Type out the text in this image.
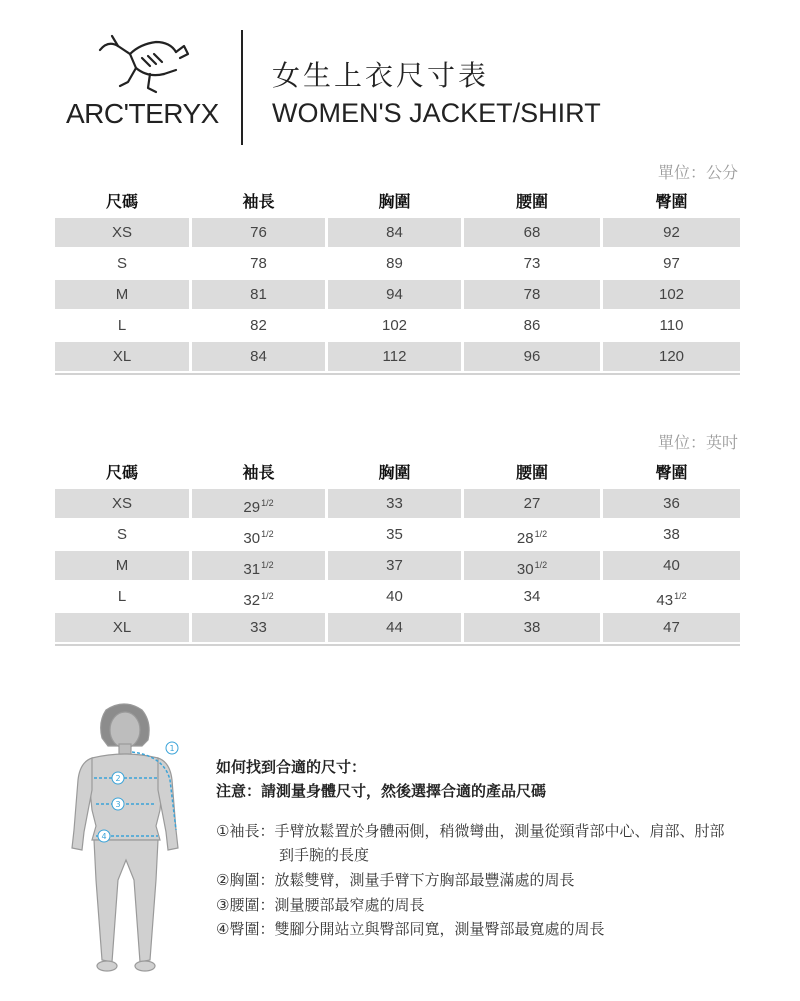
ARC'TERYX
女生上衣尺寸表
WOMEN'S JACKET/SHIRT
單位：公分
單位：英吋
尺碼	袖長	胸圍	腰圍	臀圍
XS	76	84	68	92
S	78	89	73	97
M	81	94	78	102
L	82	102	86	110
XL	84	112	96	120
尺碼	袖長	胸圍	腰圍	臀圍
XS	$29^{1/2}$	33	27	36
S	$30^{1/2}$	35	$28^{1/2}$	38
M	$31^{1/2}$	37	$30^{1/2}$	40
L	$32^{1/2}$	40	34	$43^{1/2}$
XL	33	44	38	47
1
2
3
4
如何找到合適的尺寸：
注意：請測量身體尺寸，然後選擇合適的產品尺碼
①袖長：手臂放鬆置於身體兩側，稍微彎曲，測量從頸背部中心、肩部、肘部
到手腕的長度
②胸圍：放鬆雙臂，測量手臂下方胸部最豐滿處的周長
③腰圍：測量腰部最窄處的周長
④臀圍：雙腳分開站立與臀部同寬，測量臀部最寬處的周長
